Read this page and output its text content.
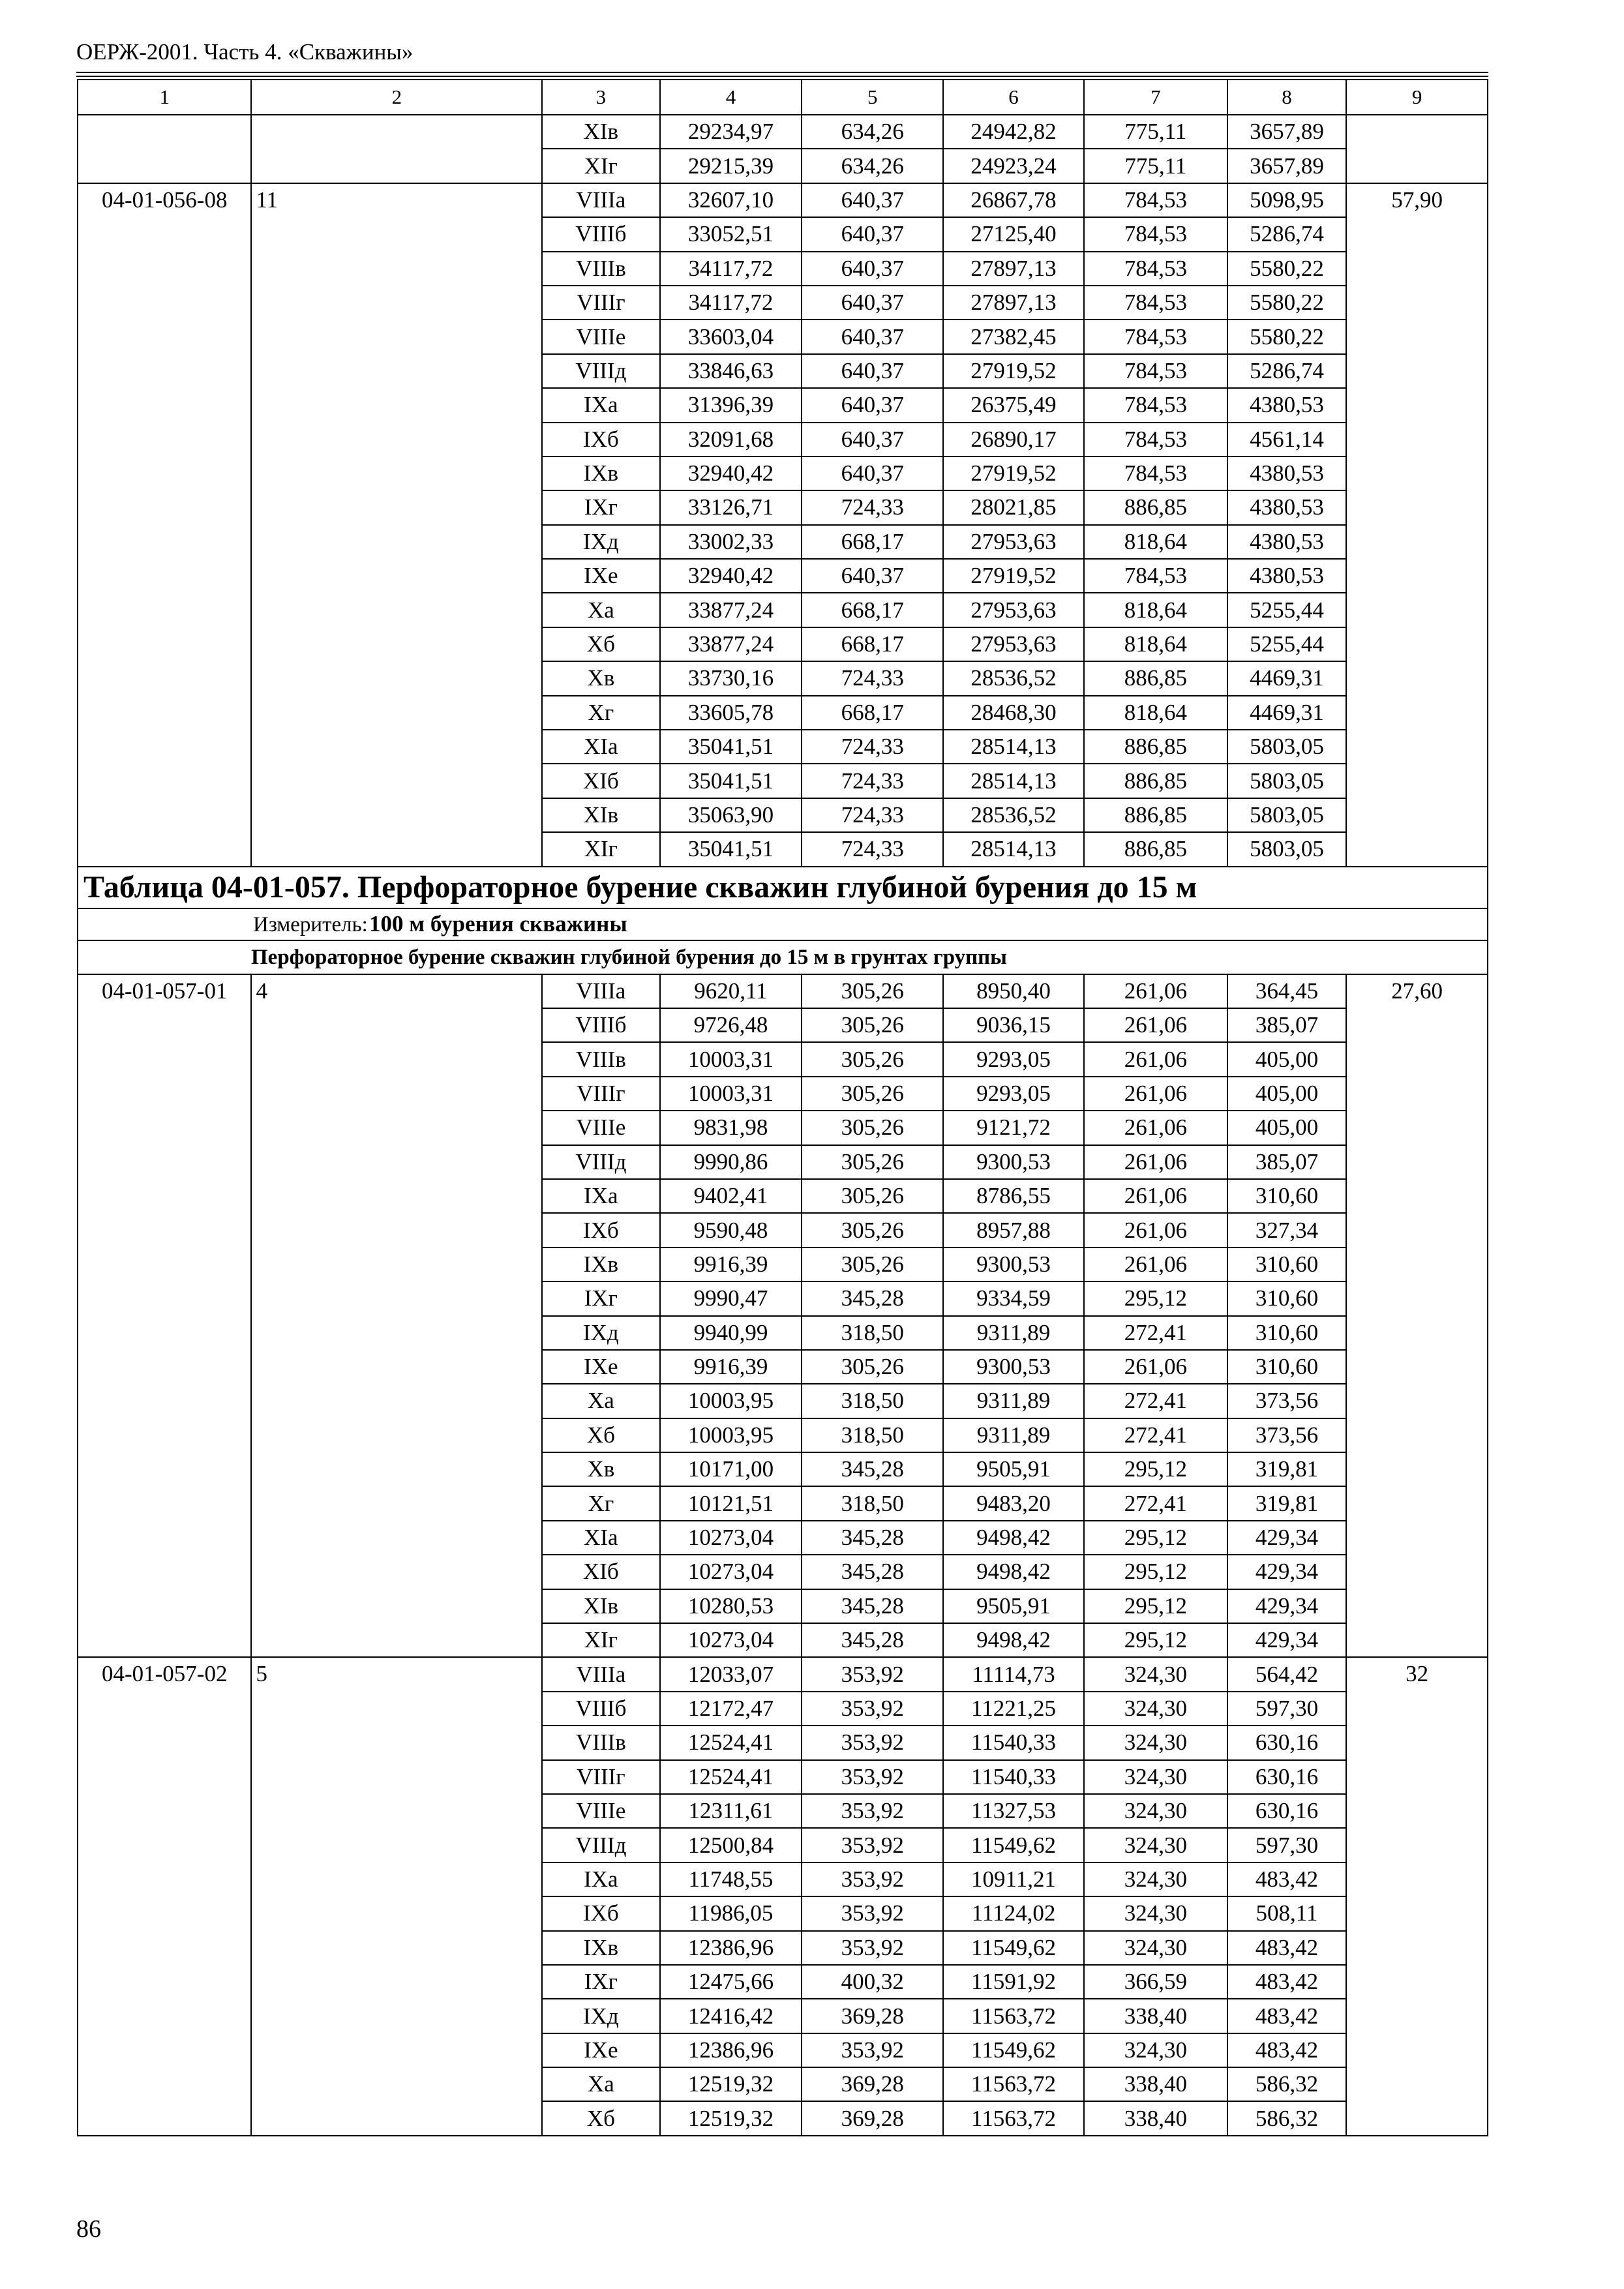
ОЕРЖ-2001. Часть 4. «Скважины»
1	2	3	4	5	6	7	8	9
		XIв	29234,97	634,26	24942,82	775,11	3657,89	
		XIг	29215,39	634,26	24923,24	775,11	3657,89	
04-01-056-08	11	VIIIа	32607,10	640,37	26867,78	784,53	5098,95	57,90
		VIIIб	33052,51	640,37	27125,40	784,53	5286,74	
		VIIIв	34117,72	640,37	27897,13	784,53	5580,22	
		VIIIг	34117,72	640,37	27897,13	784,53	5580,22	
		VIIIе	33603,04	640,37	27382,45	784,53	5580,22	
		VIIIд	33846,63	640,37	27919,52	784,53	5286,74	
		IXа	31396,39	640,37	26375,49	784,53	4380,53	
		IXб	32091,68	640,37	26890,17	784,53	4561,14	
		IXв	32940,42	640,37	27919,52	784,53	4380,53	
		IXг	33126,71	724,33	28021,85	886,85	4380,53	
		IXд	33002,33	668,17	27953,63	818,64	4380,53	
		IXе	32940,42	640,37	27919,52	784,53	4380,53	
		Xа	33877,24	668,17	27953,63	818,64	5255,44	
		Xб	33877,24	668,17	27953,63	818,64	5255,44	
		Xв	33730,16	724,33	28536,52	886,85	4469,31	
		Xг	33605,78	668,17	28468,30	818,64	4469,31	
		XIа	35041,51	724,33	28514,13	886,85	5803,05	
		XIб	35041,51	724,33	28514,13	886,85	5803,05	
		XIв	35063,90	724,33	28536,52	886,85	5803,05	
		XIг	35041,51	724,33	28514,13	886,85	5803,05	
Таблица 04-01-057. Перфораторное бурение скважин глубиной бурения до 15 м								
Измеритель:100 м бурения скважины								
Перфораторное бурение скважин глубиной бурения до 15 м в грунтах группы								
04-01-057-01	4	VIIIа	9620,11	305,26	8950,40	261,06	364,45	27,60
		VIIIб	9726,48	305,26	9036,15	261,06	385,07	
		VIIIв	10003,31	305,26	9293,05	261,06	405,00	
		VIIIг	10003,31	305,26	9293,05	261,06	405,00	
		VIIIе	9831,98	305,26	9121,72	261,06	405,00	
		VIIIд	9990,86	305,26	9300,53	261,06	385,07	
		IXа	9402,41	305,26	8786,55	261,06	310,60	
		IXб	9590,48	305,26	8957,88	261,06	327,34	
		IXв	9916,39	305,26	9300,53	261,06	310,60	
		IXг	9990,47	345,28	9334,59	295,12	310,60	
		IXд	9940,99	318,50	9311,89	272,41	310,60	
		IXе	9916,39	305,26	9300,53	261,06	310,60	
		Xа	10003,95	318,50	9311,89	272,41	373,56	
		Xб	10003,95	318,50	9311,89	272,41	373,56	
		Xв	10171,00	345,28	9505,91	295,12	319,81	
		Xг	10121,51	318,50	9483,20	272,41	319,81	
		XIа	10273,04	345,28	9498,42	295,12	429,34	
		XIб	10273,04	345,28	9498,42	295,12	429,34	
		XIв	10280,53	345,28	9505,91	295,12	429,34	
		XIг	10273,04	345,28	9498,42	295,12	429,34	
04-01-057-02	5	VIIIа	12033,07	353,92	11114,73	324,30	564,42	32
		VIIIб	12172,47	353,92	11221,25	324,30	597,30	
		VIIIв	12524,41	353,92	11540,33	324,30	630,16	
		VIIIг	12524,41	353,92	11540,33	324,30	630,16	
		VIIIе	12311,61	353,92	11327,53	324,30	630,16	
		VIIIд	12500,84	353,92	11549,62	324,30	597,30	
		IXа	11748,55	353,92	10911,21	324,30	483,42	
		IXб	11986,05	353,92	11124,02	324,30	508,11	
		IXв	12386,96	353,92	11549,62	324,30	483,42	
		IXг	12475,66	400,32	11591,92	366,59	483,42	
		IXд	12416,42	369,28	11563,72	338,40	483,42	
		IXе	12386,96	353,92	11549,62	324,30	483,42	
		Xа	12519,32	369,28	11563,72	338,40	586,32	
		Xб	12519,32	369,28	11563,72	338,40	586,32	
86
